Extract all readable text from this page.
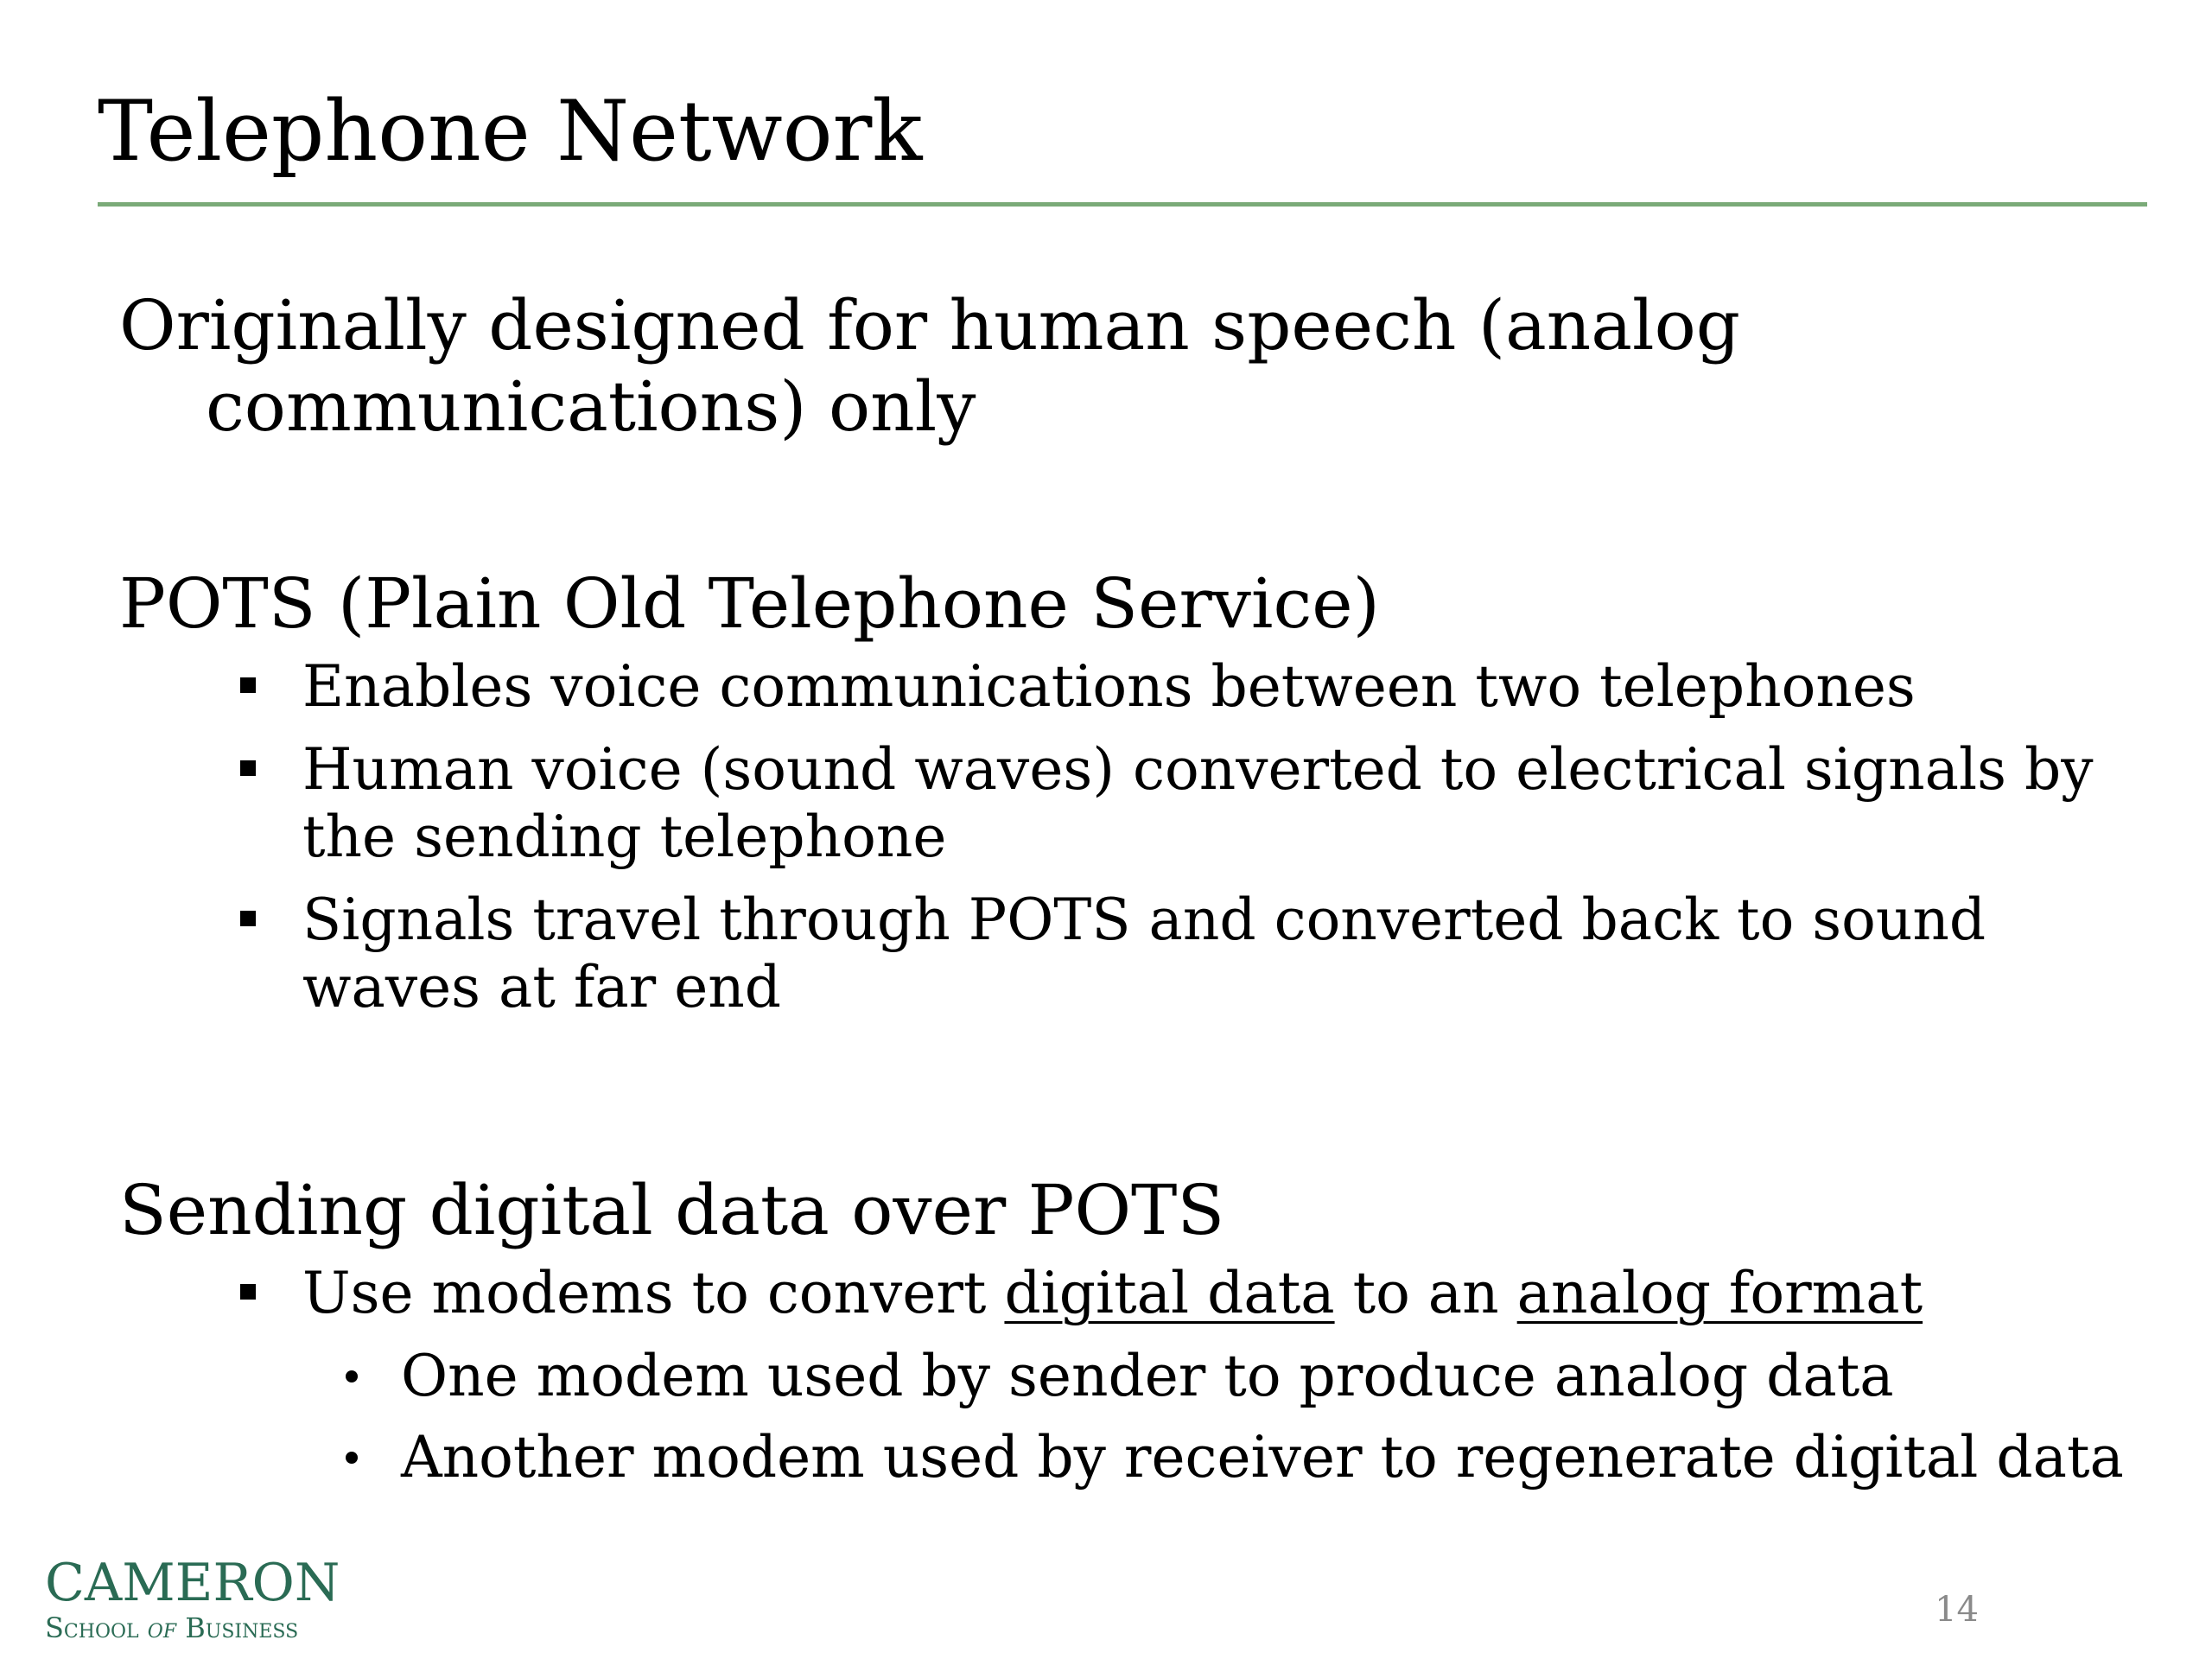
Telephone Network

Originally designed for human speech (analog communications) only

POTS (Plain Old Telephone Service)

Enables voice communications between two telephones
Human voice (sound waves) converted to electrical signals by the sending telephone
Signals travel through POTS and converted back to sound waves at far end

Sending digital data over POTS

Use modems to convert digital data to an analog format
One modem used by sender to produce analog data
Another modem used by receiver to regenerate digital data
CAMERON
School of Business	14
